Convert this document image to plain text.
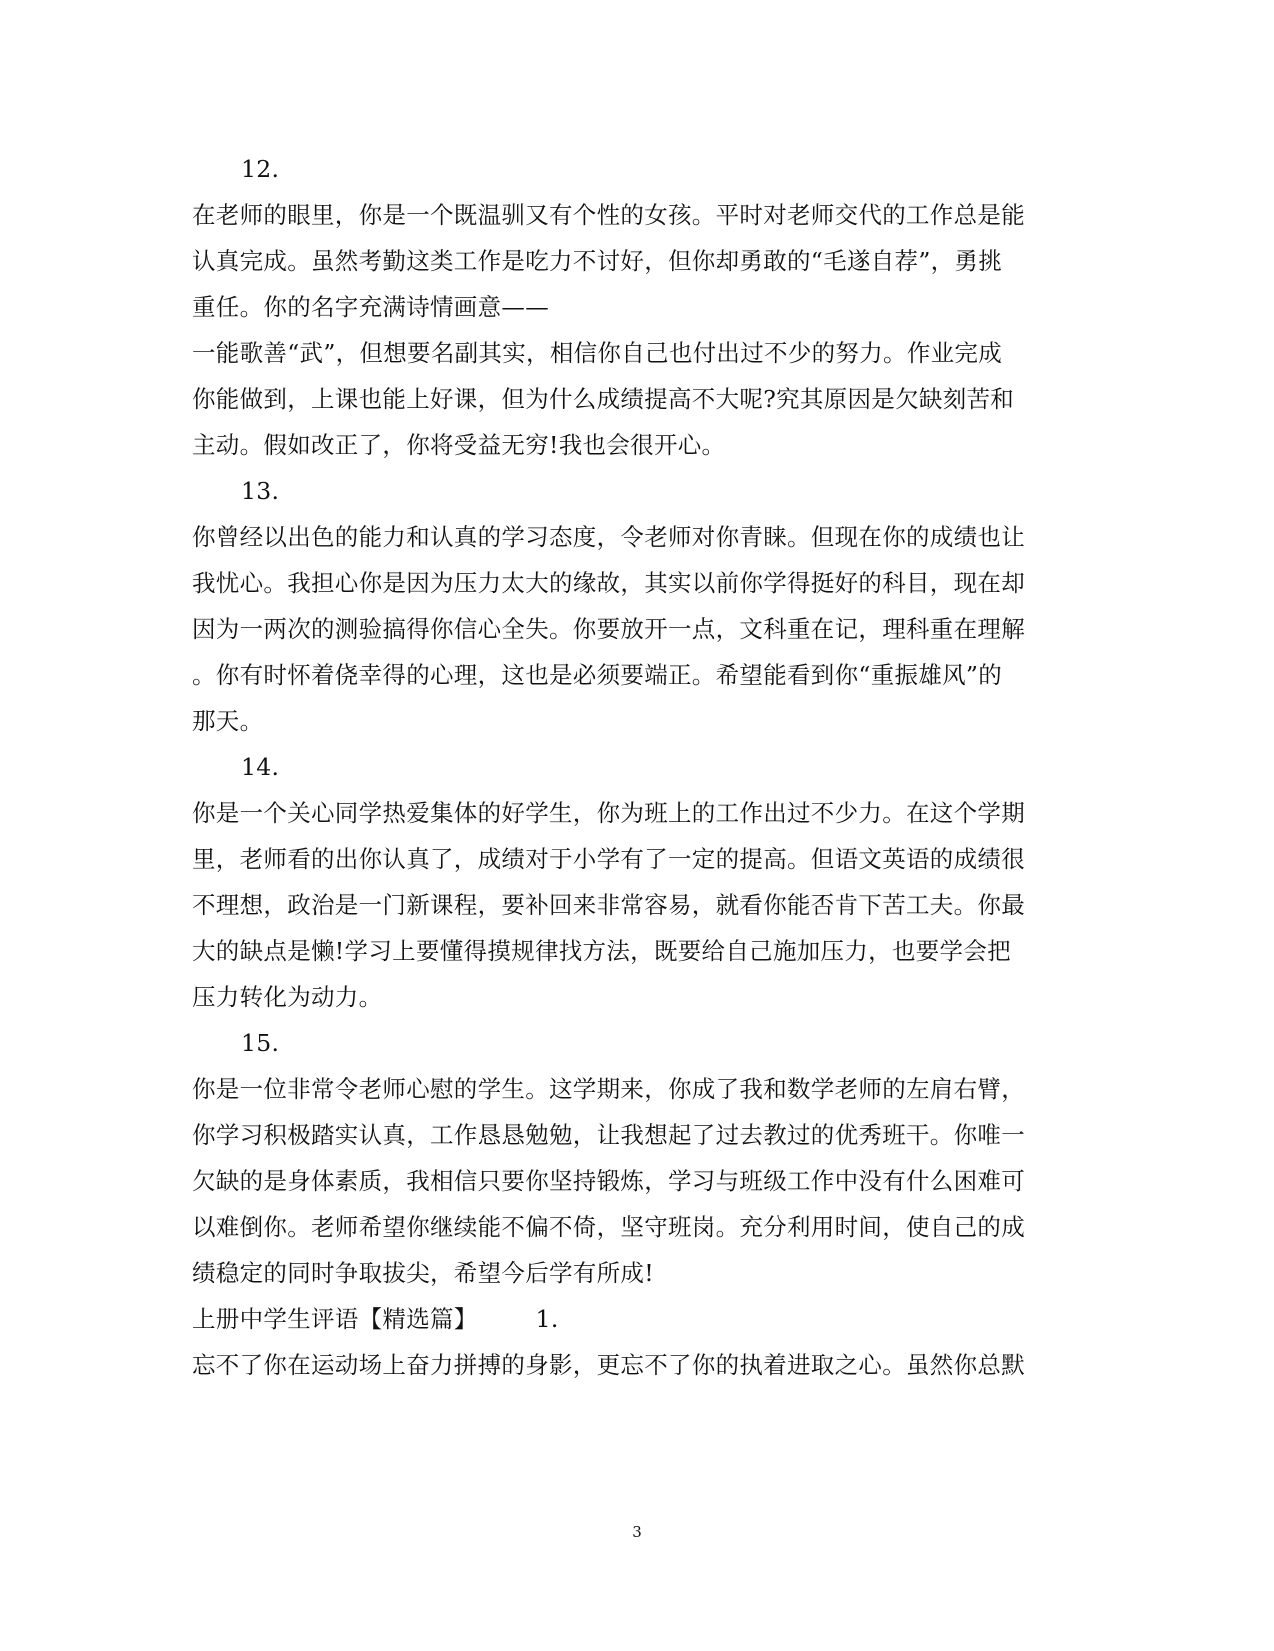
12.
在老师的眼里，你是一个既温驯又有个性的女孩。平时对老师交代的工作总是能
认真完成。虽然考勤这类工作是吃力不讨好，但你却勇敢的“毛遂自荐”，勇挑
重任。你的名字充满诗情画意——
一能歌善“武”，但想要名副其实，相信你自己也付出过不少的努力。作业完成
你能做到，上课也能上好课，但为什么成绩提高不大呢?究其原因是欠缺刻苦和
主动。假如改正了，你将受益无穷!我也会很开心。
13.
你曾经以出色的能力和认真的学习态度，令老师对你青睐。但现在你的成绩也让
我忧心。我担心你是因为压力太大的缘故，其实以前你学得挺好的科目，现在却
因为一两次的测验搞得你信心全失。你要放开一点，文科重在记，理科重在理解
。你有时怀着侥幸得的心理，这也是必须要端正。希望能看到你“重振雄风”的
那天。
14.
你是一个关心同学热爱集体的好学生，你为班上的工作出过不少力。在这个学期
里，老师看的出你认真了，成绩对于小学有了一定的提高。但语文英语的成绩很
不理想，政治是一门新课程，要补回来非常容易，就看你能否肯下苦工夫。你最
大的缺点是懒!学习上要懂得摸规律找方法，既要给自己施加压力，也要学会把
压力转化为动力。
15.
你是一位非常令老师心慰的学生。这学期来，你成了我和数学老师的左肩右臂，
你学习积极踏实认真，工作恳恳勉勉，让我想起了过去教过的优秀班干。你唯一
欠缺的是身体素质，我相信只要你坚持锻炼，学习与班级工作中没有什么困难可
以难倒你。老师希望你继续能不偏不倚，坚守班岗。充分利用时间，使自己的成
绩稳定的同时争取拔尖，希望今后学有所成!
上册中学生评语【精选篇】 1.
忘不了你在运动场上奋力拼搏的身影，更忘不了你的执着进取之心。虽然你总默
3
